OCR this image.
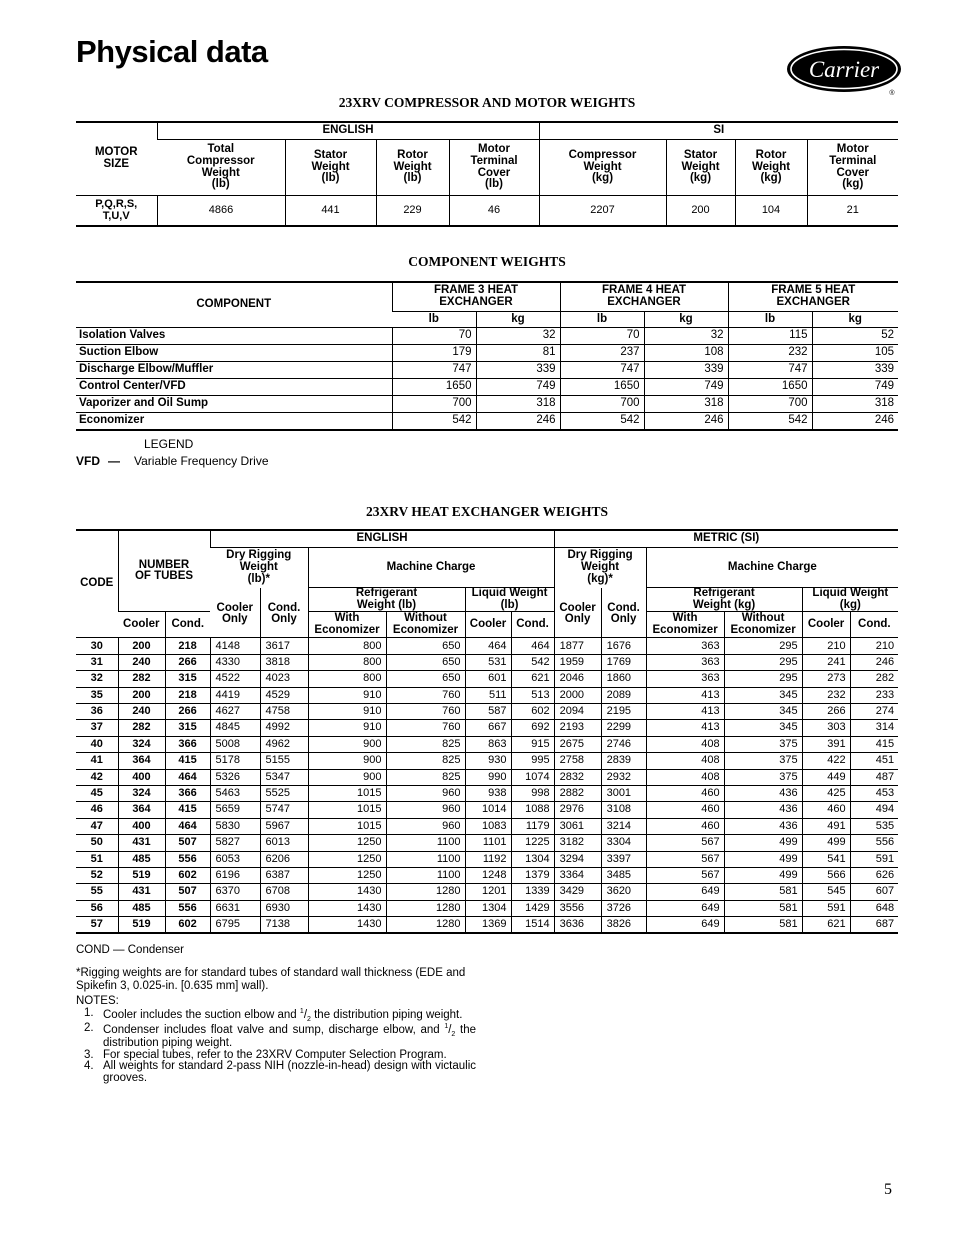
Physical data
Carrier
®
23XRV COMPRESSOR AND MOTOR WEIGHTS
MOTOR
SIZE	ENGLISH				SI			
	Total
Compressor
Weight
(lb)	Stator
Weight
(lb)	Rotor
Weight
(lb)	Motor
Terminal
Cover
(lb)	Compressor
Weight
(kg)	Stator
Weight
(kg)	Rotor
Weight
(kg)	Motor
Terminal
Cover
(kg)
P,Q,R,S,
T,U,V	4866	441	229	46	2207	200	104	21
COMPONENT WEIGHTS
COMPONENT	FRAME 3 HEAT
EXCHANGER		FRAME 4 HEAT
EXCHANGER		FRAME 5 HEAT
EXCHANGER	
	lb	kg	lb	kg	lb	kg
Isolation Valves	70	32	70	32	115	52
Suction Elbow	179	81	237	108	232	105
Discharge Elbow/Muffler	747	339	747	339	747	339
Control Center/VFD	1650	749	1650	749	1650	749
Vaporizer and Oil Sump	700	318	700	318	700	318
Economizer	542	246	542	246	542	246

LEGEND

VFD — Variable Frequency Drive

23XRV HEAT EXCHANGER WEIGHTS
CODE	NUMBER
OF TUBES		ENGLISH						METRIC (SI)					
			Dry Rigging
Weight
(lb)*		Machine Charge				Dry Rigging
Weight
(kg)*		Machine Charge			
			Cooler
Only	Cond.
Only	Refrigerant
Weight (lb)		Liquid Weight
(lb)		Cooler
Only	Cond.
Only	Refrigerant
Weight (kg)		Liquid Weight
(kg)	
	Cooler	Cond.			With
Economizer	Without
Economizer	Cooler	Cond.			With
Economizer	Without
Economizer	Cooler	Cond.
30	200	218	4148	3617	800	650	464	464	1877	1676	363	295	210	210
31	240	266	4330	3818	800	650	531	542	1959	1769	363	295	241	246
32	282	315	4522	4023	800	650	601	621	2046	1860	363	295	273	282
35	200	218	4419	4529	910	760	511	513	2000	2089	413	345	232	233
36	240	266	4627	4758	910	760	587	602	2094	2195	413	345	266	274
37	282	315	4845	4992	910	760	667	692	2193	2299	413	345	303	314
40	324	366	5008	4962	900	825	863	915	2675	2746	408	375	391	415
41	364	415	5178	5155	900	825	930	995	2758	2839	408	375	422	451
42	400	464	5326	5347	900	825	990	1074	2832	2932	408	375	449	487
45	324	366	5463	5525	1015	960	938	998	2882	3001	460	436	425	453
46	364	415	5659	5747	1015	960	1014	1088	2976	3108	460	436	460	494
47	400	464	5830	5967	1015	960	1083	1179	3061	3214	460	436	491	535
50	431	507	5827	6013	1250	1100	1101	1225	3182	3304	567	499	499	556
51	485	556	6053	6206	1250	1100	1192	1304	3294	3397	567	499	541	591
52	519	602	6196	6387	1250	1100	1248	1379	3364	3485	567	499	566	626
55	431	507	6370	6708	1430	1280	1201	1339	3429	3620	649	581	545	607
56	485	556	6631	6930	1430	1280	1304	1429	3556	3726	649	581	591	648
57	519	602	6795	7138	1430	1280	1369	1514	3636	3826	649	581	621	687

COND — Condenser

*Rigging weights are for standard tubes of standard wall thickness (EDE and Spikefin 3, 0.025-in. [0.635 mm] wall).

NOTES:

1. Cooler includes the suction elbow and $^1/_2$ the distribution piping weight.
2. Condenser includes float valve and sump, discharge elbow, and $^1/_2$ the distribution piping weight.
3. For special tubes, refer to the 23XRV Computer Selection Program.
4. All weights for standard 2-pass NIH (nozzle-in-head) design with victaulic grooves.

5
